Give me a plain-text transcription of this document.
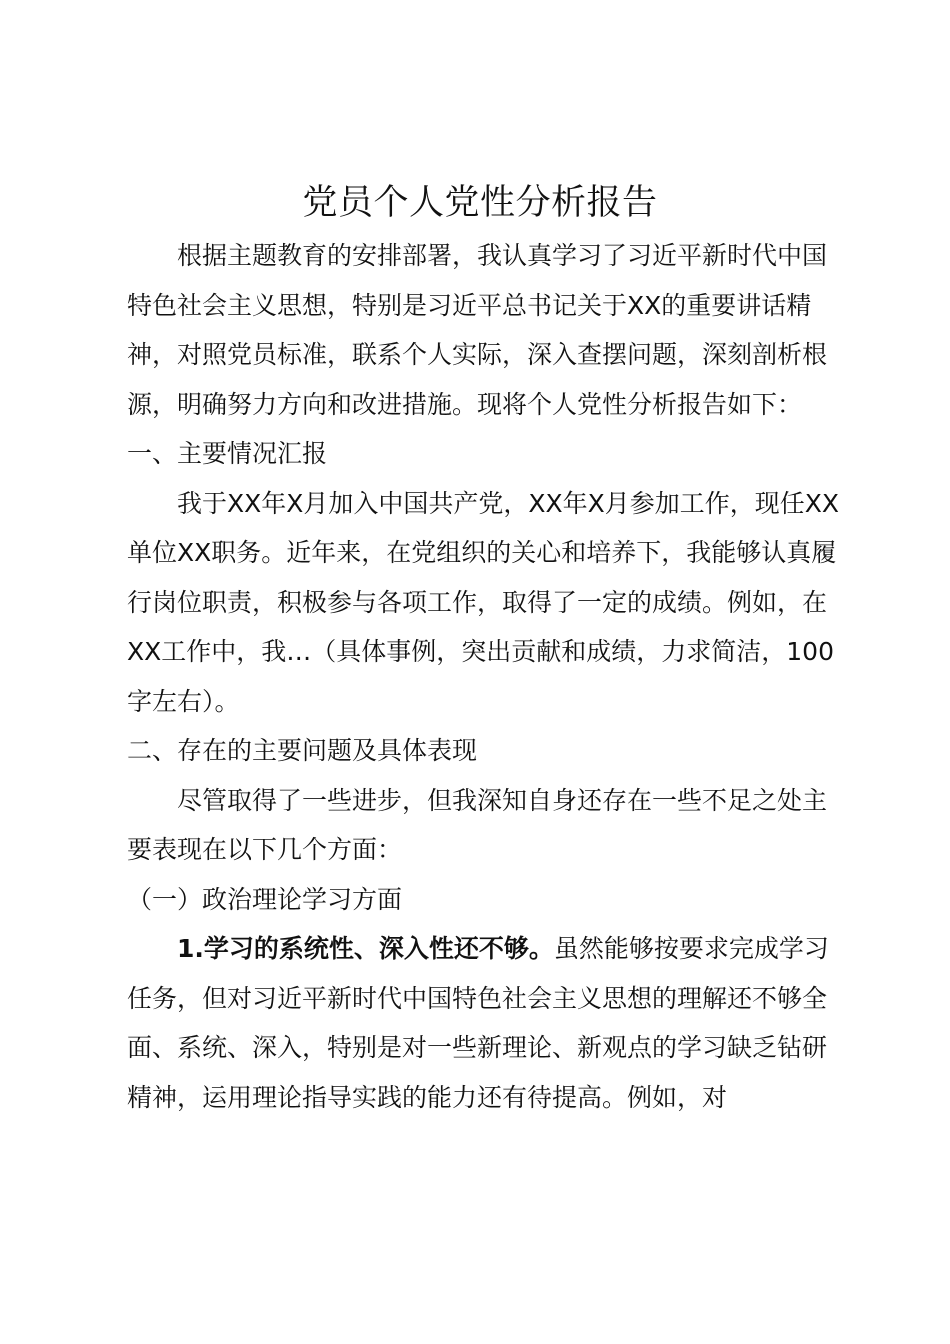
党员个人党性分析报告

根据主题教育的安排部署，我认真学习了习近平新时代中国特色社会主义思想，特别是习近平总书记关于XX的重要讲话精神，对照党员标准，联系个人实际，深入查摆问题，深刻剖析根源，明确努力方向和改进措施。现将个人党性分析报告如下：

一、主要情况汇报

我于XX年X月加入中国共产党，XX年X月参加工作，现任XX单位XX职务。近年来，在党组织的关心和培养下，我能够认真履行岗位职责，积极参与各项工作，取得了一定的成绩。例如，在XX工作中，我…（具体事例，突出贡献和成绩，力求简洁，100字左右）。

二、存在的主要问题及具体表现

尽管取得了一些进步，但我深知自身还存在一些不足之处主要表现在以下几个方面：

（一）政治理论学习方面

1.学习的系统性、深入性还不够。虽然能够按要求完成学习任务，但对习近平新时代中国特色社会主义思想的理解还不够全面、系统、深入，特别是对一些新理论、新观点的学习缺乏钻研精神，运用理论指导实践的能力还有待提高。例如，对
